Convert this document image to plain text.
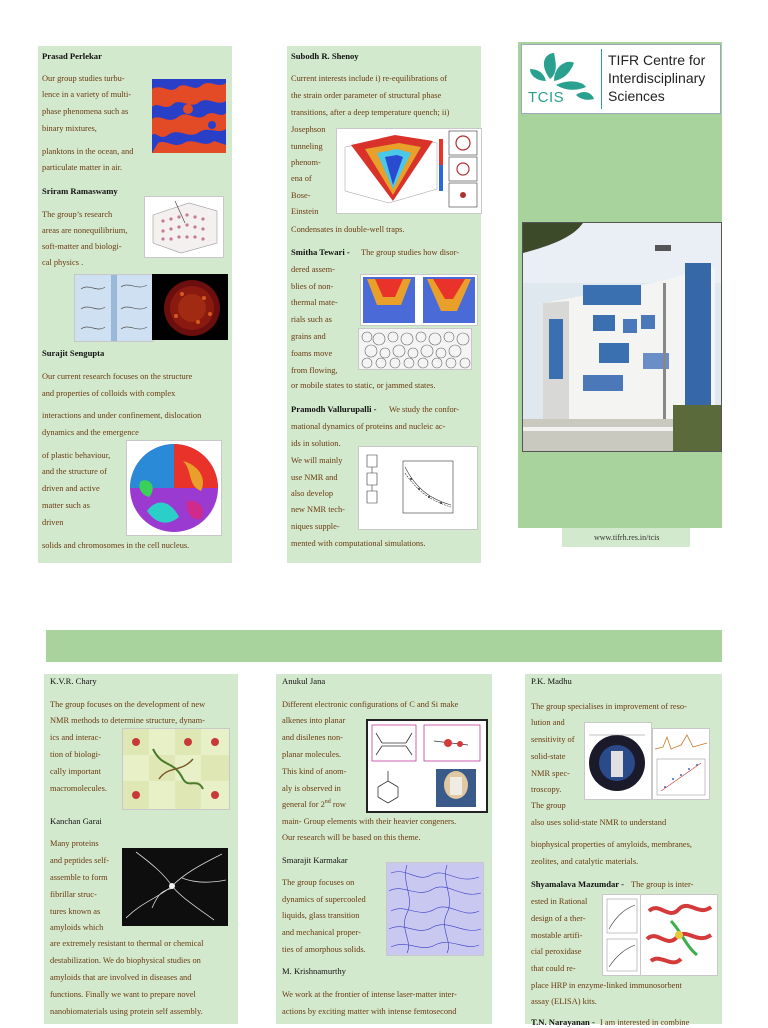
www.tifrh.res.in/tcis
TCIS
TIFR Centre for
Interdisciplinary
Sciences
Prasad Perlekar
Our group studies turbu-
lence in a variety of multi-
phase phenomena such as
binary mixtures,
planktons in the ocean, and
particulate matter in air.
Sriram Ramaswamy
The group’s research
areas are nonequilibrium,
soft-matter and biologi-
cal physics .
Surajit Sengupta
Our current research focuses on the structure
and properties of colloids with complex
interactions and under confinement, dislocation
dynamics and the emergence
of plastic behaviour,
and the structure of
driven and active
matter such as
driven
solids and chromosomes in the cell nucleus.
Subodh R. Shenoy
Current interests include i) re-equilibrations of
the strain order parameter of structural phase
transitions, after a deep temperature quench; ii)
Josephson
tunneling
phenom-
ena of
Bose-
Einstein
Condensates in double-well traps.
Smitha Tewari - The group studies how disor-
dered assem-
blies of non-
thermal mate-
rials such as
grains and
foams move
from flowing,
or mobile states to static, or jammed states.
Pramodh Vallurupalli - We study the confor-
mational dynamics of proteins and nucleic ac-
ids in solution.
We will mainly
use NMR and
also develop
new NMR tech-
niques supple-
mented with computational simulations.
K.V.R. Chary
The group focuses on the development of new
NMR methods to determine structure, dynam-
ics and interac-
tion of biologi-
cally important
macromolecules.
Kanchan Garai
Many proteins
and peptides self-
assemble to form
fibrillar struc-
tures known as
amyloids which
are extremely resistant to thermal or chemical
destabilization. We do biophysical studies on
amyloids that are involved in diseases and
functions. Finally we want to prepare novel
nanobiomaterials using protein self assembly.
Anukul Jana
Different electronic configurations of C and Si make
alkenes into planar
and disilenes non-
planar molecules.
This kind of anom-
aly is observed in
general for 2nd row
main- Group elements with their heavier congeners.
Our research will be based on this theme.
Smarajit Karmakar
The group focuses on
dynamics of supercooled
liquids, glass transition
and mechanical proper-
ties of amorphous solids.
M. Krishnamurthy
We work at the frontier of intense laser-matter inter-
actions by exciting matter with intense femtosecond
P.K. Madhu
The group specialises in improvement of reso-
lution and
sensitivity of
solid-state
NMR spec-
troscopy.
The group
also uses solid-state NMR to understand
biophysical properties of amyloids, membranes,
zeolites, and catalytic materials.
Shyamalava Mazumdar - The group is inter-
ested in Rational
design of a ther-
mostable artifi-
cial peroxidase
that could re-
place HRP in enzyme-linked immunosorbent
assay (ELISA) kits.
T.N. Narayanan - I am interested in combine
